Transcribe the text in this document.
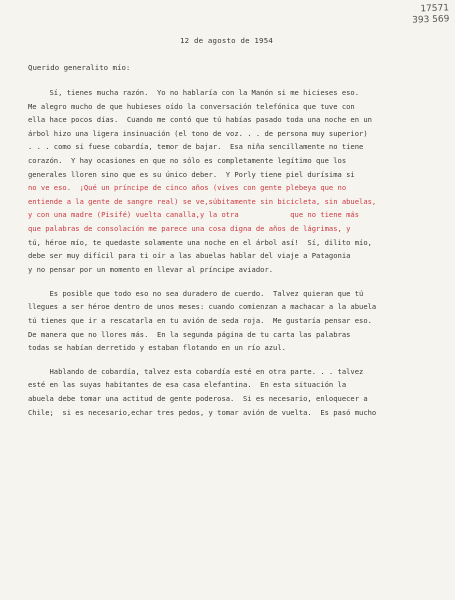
17571
393 569
12 de agosto de 1954
Querido generalito mío:
Sí, tienes mucha razón.  Yo no hablaría con la Manón si me hicieses eso.
Me alegro mucho de que hubieses oído la conversación telefónica que tuve con
ella hace pocos días.  Cuando me contó que tú habías pasado toda una noche en un
árbol hizo una ligera insinuación (el tono de voz. . . de persona muy superior)
. . . como si fuese cobardía, temor de bajar.  Esa niña sencillamente no tiene
corazón.  Y hay ocasiones en que no sólo es completamente legítimo que los
generales lloren sino que es su único deber.  Y Porly tiene piel durísima si
no ve eso.  ¡Qué un príncipe de cinco años (vives con gente plebeya que no
entiende a la gente de sangre real) se ve,súbitamente sin bicicleta, sin abuelas,
y con una madre (Pisifé) vuelta canalla,y la otra            que no tiene más
que palabras de consolación me parece una cosa digna de años de lágrimas, y
tú, héroe mío, te quedaste solamente una noche en el árbol así!  Sí, dilito mío,
debe ser muy difícil para ti oír a las abuelas hablar del viaje a Patagonia
y no pensar por un momento en llevar al príncipe aviador.
Es posible que todo eso no sea duradero de cuerdo.  Talvez quieran que tú
llegues a ser héroe dentro de unos meses: cuando comienzan a machacar a la abuela
tú tienes que ir a rescatarla en tu avión de seda roja.  Me gustaría pensar eso.
De manera que no llores más.  En la segunda página de tu carta las palabras
todas se habían derretido y estaban flotando en un río azul.
Hablando de cobardía, talvez esta cobardía esté en otra parte. . . talvez
esté en las suyas habitantes de esa casa elefantina.  En esta situación la
abuela debe tomar una actitud de gente poderosa.  Si es necesario, enloquecer a
Chile;  si es necesario,echar tres pedos, y tomar avión de vuelta.  Es pasó mucho
